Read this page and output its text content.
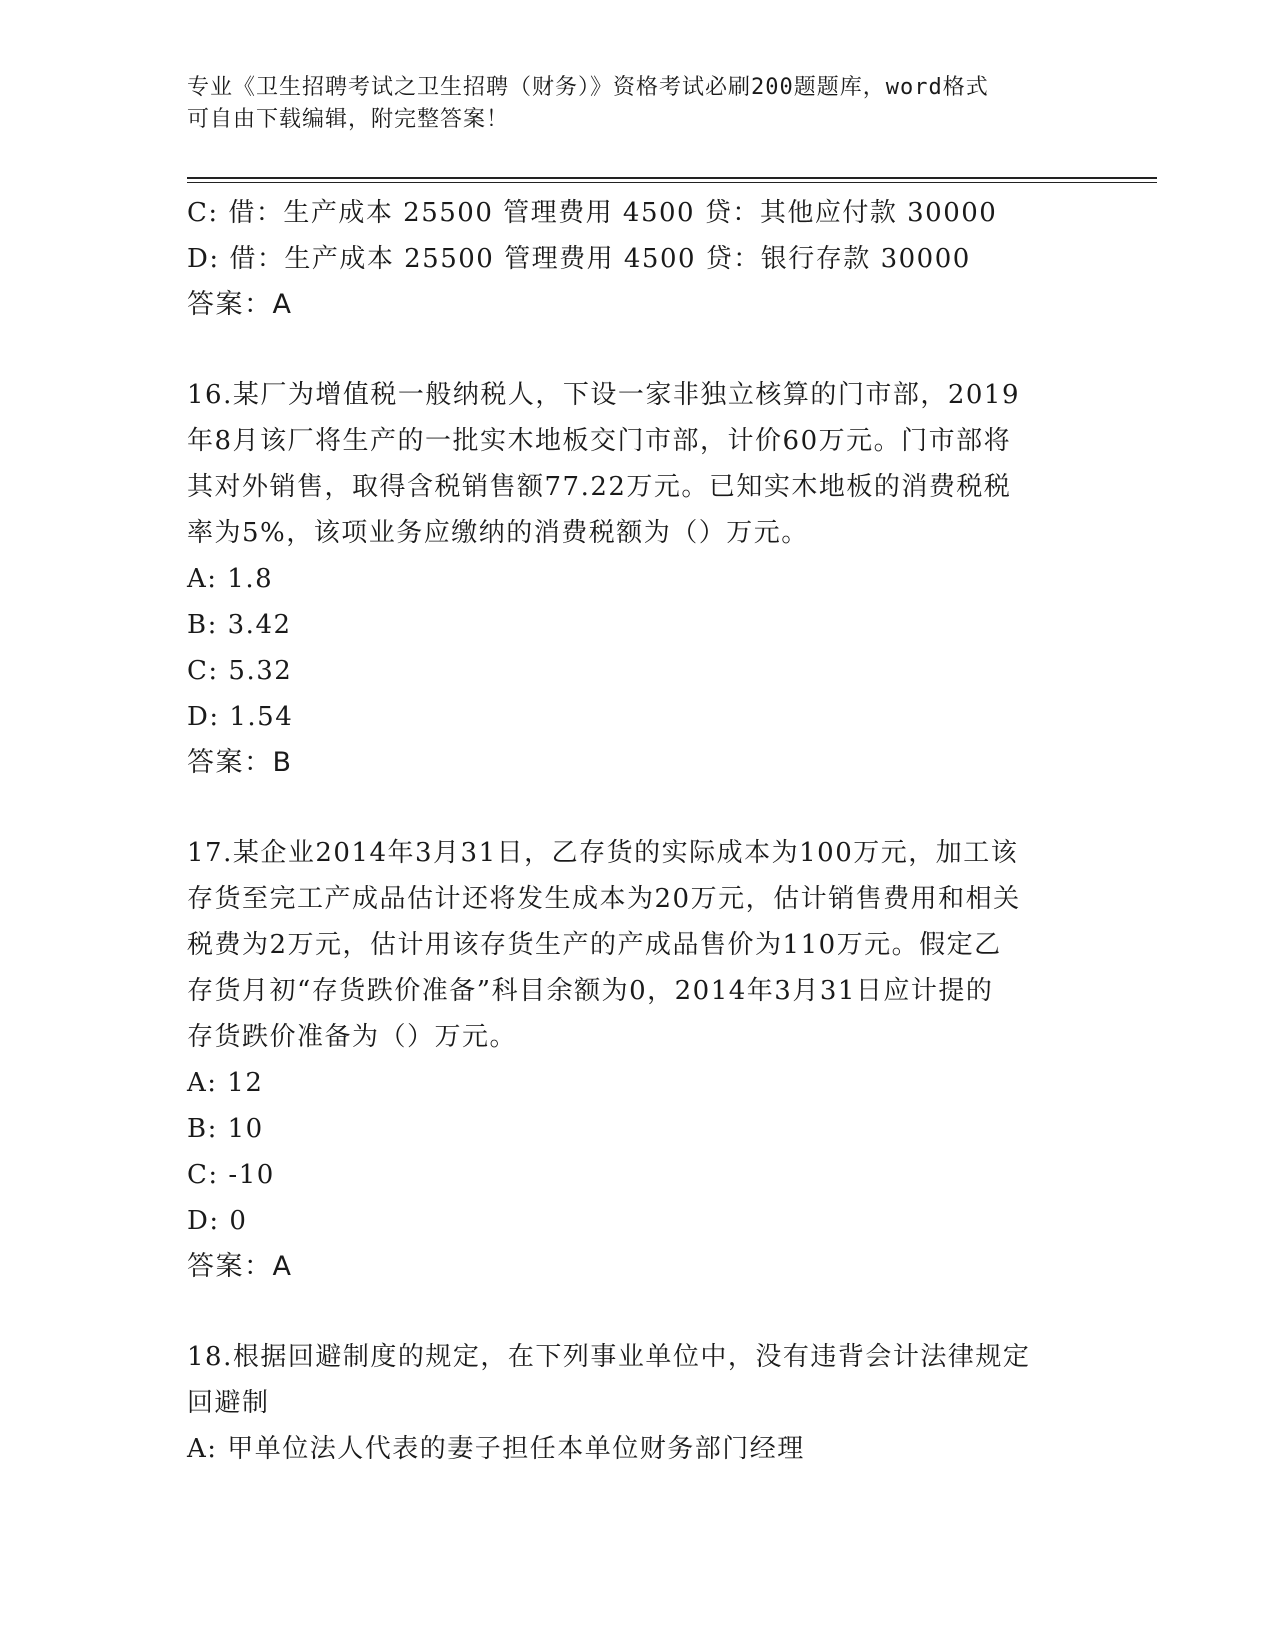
专业《卫生招聘考试之卫生招聘（财务）》资格考试必刷200题题库，word格式
可自由下载编辑，附完整答案！
C: 借：生产成本 25500 管理费用 4500 贷：其他应付款 30000
D: 借：生产成本 25500 管理费用 4500 贷：银行存款 30000
答案：A
16.某厂为增值税一般纳税人，下设一家非独立核算的门市部，2019
年8月该厂将生产的一批实木地板交门市部，计价60万元。门市部将
其对外销售，取得含税销售额77.22万元。已知实木地板的消费税税
率为5%，该项业务应缴纳的消费税额为（）万元。
A: 1.8
B: 3.42
C: 5.32
D: 1.54
答案：B
17.某企业2014年3月31日，乙存货的实际成本为100万元，加工该
存货至完工产成品估计还将发生成本为20万元，估计销售费用和相关
税费为2万元，估计用该存货生产的产成品售价为110万元。假定乙
存货月初“存货跌价准备”科目余额为0，2014年3月31日应计提的
存货跌价准备为（）万元。
A: 12
B: 10
C: -10
D: 0
答案：A
18.根据回避制度的规定，在下列事业单位中，没有违背会计法律规定
回避制
A: 甲单位法人代表的妻子担任本单位财务部门经理
